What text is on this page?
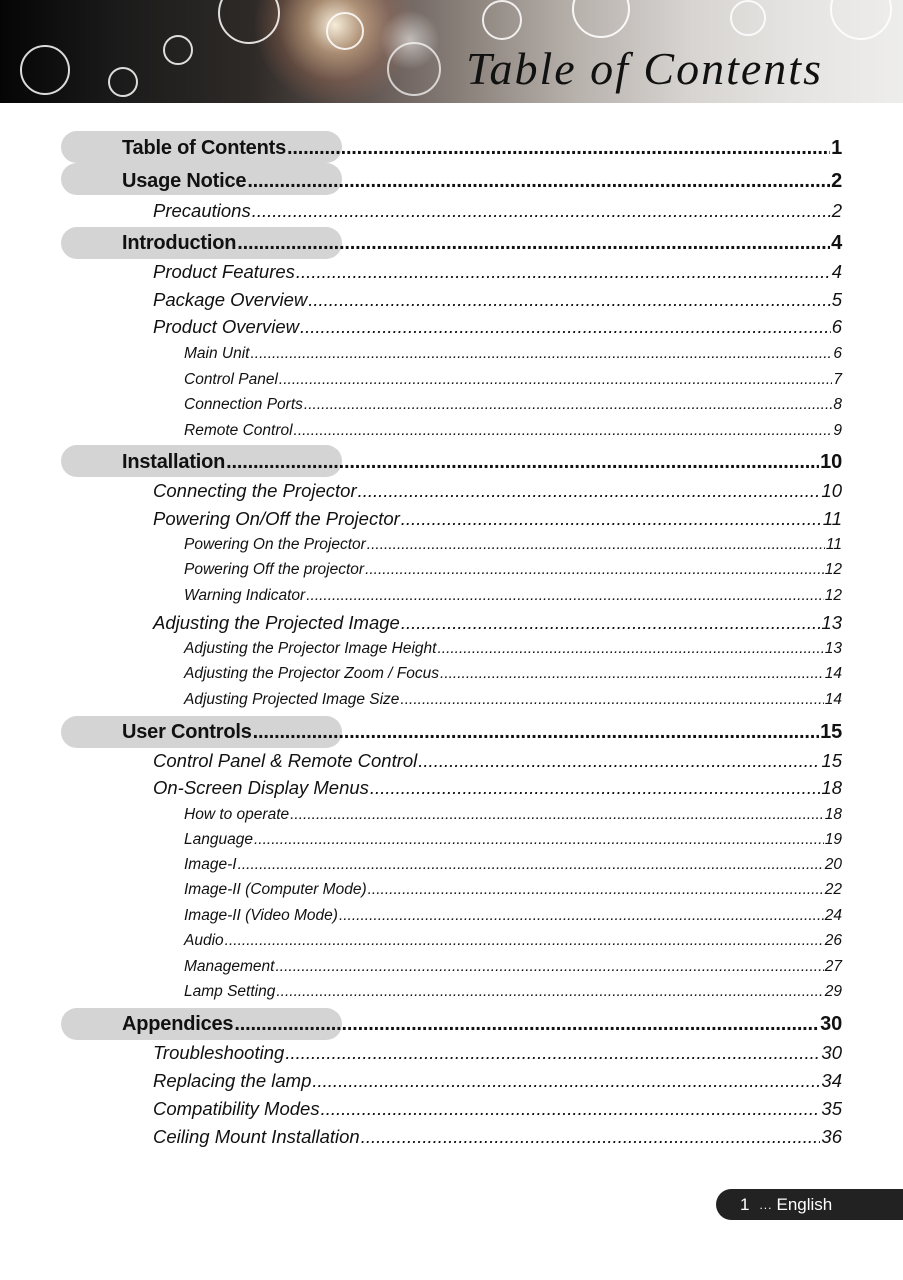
Table of Contents
Table of Contents .....	1
Usage Notice .....	2
Precautions .....	2
Introduction .....	4
Product Features .....	4
Package Overview .....	5
Product Overview .....	6
Main Unit .....	6
Control Panel .....	7
Connection Ports .....	8
Remote Control .....	9
Installation .....	10
Connecting the Projector .....	10
Powering On/Off the Projector .....	11
Powering On the Projector .....	11
Powering Off the projector .....	12
Warning Indicator .....	12
Adjusting the Projected Image .....	13
Adjusting the Projector Image Height .....	13
Adjusting the Projector Zoom / Focus .....	14
Adjusting Projected Image Size .....	14
User Controls .....	15
Control Panel & Remote Control .....	15
On-Screen Display Menus .....	18
How to operate .....	18
Language .....	19
Image-I .....	20
Image-II (Computer Mode) .....	22
Image-II (Video Mode) .....	24
Audio .....	26
Management .....	27
Lamp Setting .....	29
Appendices .....	30
Troubleshooting .....	30
Replacing the lamp .....	34
Compatibility Modes .....	35
Ceiling Mount Installation .....	36
1 ... English
